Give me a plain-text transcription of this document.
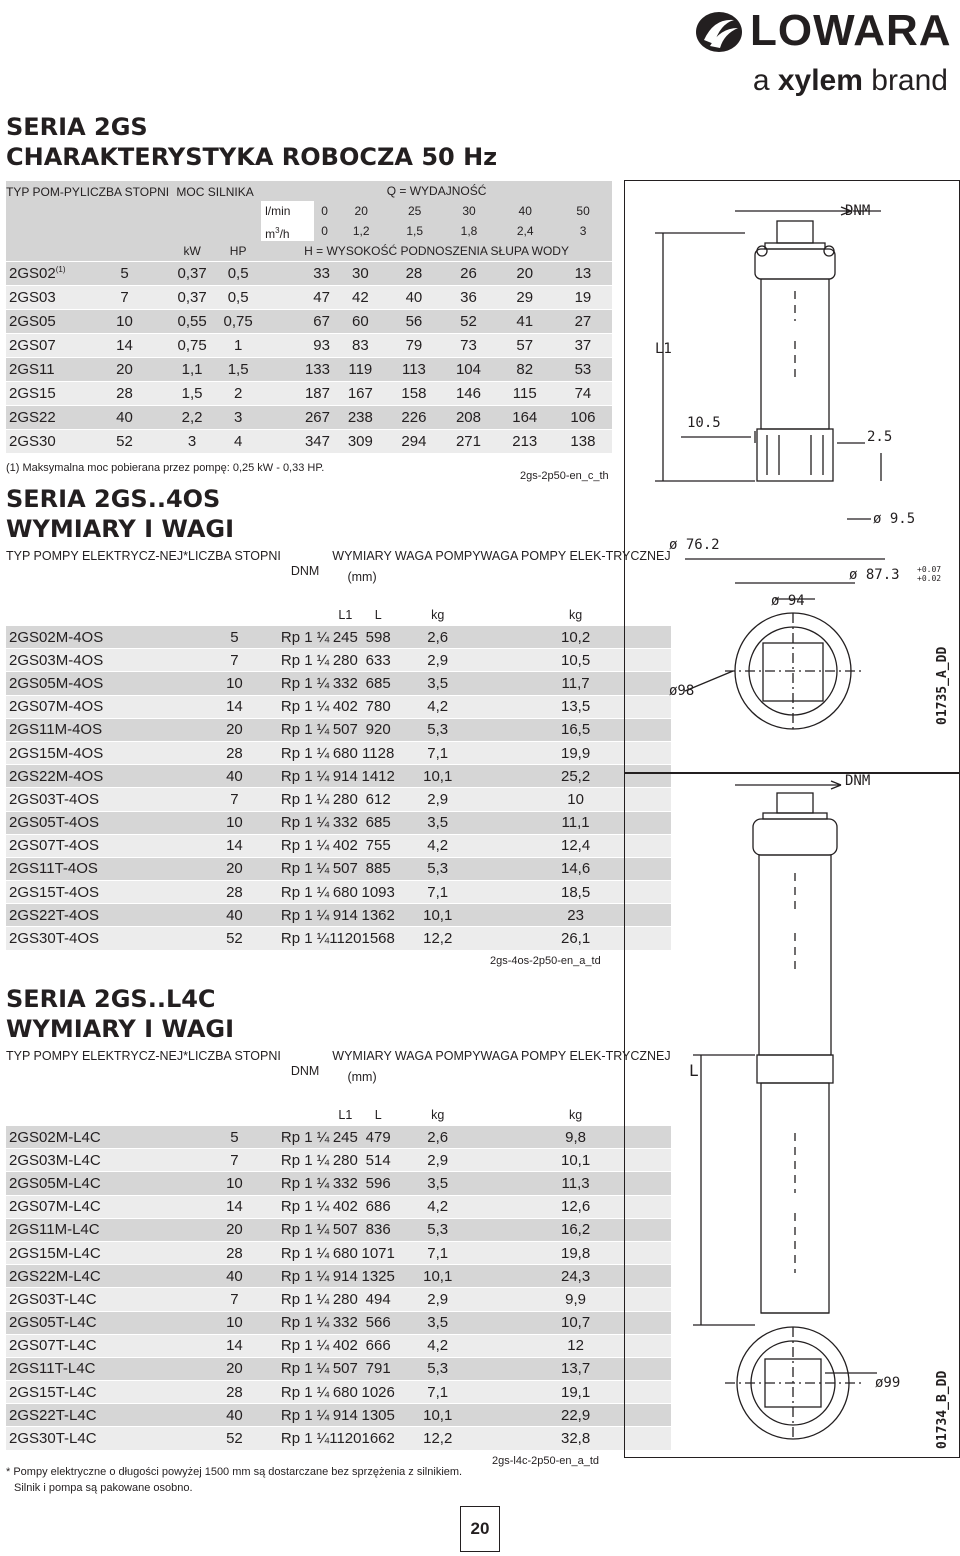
LOWARA
a xylem brand
SERIA 2GS
CHARAKTERYSTYKA ROBOCZA 50 Hz
TYP POM-PY	LICZBA STOPNI	MOC SILNIKA	Q = WYDAJNOŚĆ

l/min
$m^3/h$

0	20	25	30	40	50
0	1,2	1,5	1,8	2,4	3

kW	HP	H = WYSOKOŚĆ PODNOSZENIA SŁUPA WODY
2GS02$^{(1)}$	5	0,37	0,5	33	30	28	26	20	13
2GS03	7	0,37	0,5	47	42	40	36	29	19
2GS05	10	0,55	0,75	67	60	56	52	41	27
2GS07	14	0,75	1	93	83	79	73	57	37
2GS11	20	1,1	1,5	133	119	113	104	82	53
2GS15	28	1,5	2	187	167	158	146	115	74
2GS22	40	2,2	3	267	238	226	208	164	106
2GS30	52	3	4	347	309	294	271	213	138
(1) Maksymalna moc pobierana przez pompę: 0,25 kW - 0,33 HP.
2gs-2p50-en_c_th
SERIA 2GS..4OS
WYMIARY I WAGI
TYP POMPY ELEKTRYCZ-NEJ*	LICZBA STOPNI	DNM	WYMIARY
(mm)		WAGA POMPY	WAGA POMPY ELEK-TRYCZNEJ
			L1	L	kg	kg
2GS02M-4OS	5	Rp 1 ¼	245	598	2,6	10,2
2GS03M-4OS	7	Rp 1 ¼	280	633	2,9	10,5
2GS05M-4OS	10	Rp 1 ¼	332	685	3,5	11,7
2GS07M-4OS	14	Rp 1 ¼	402	780	4,2	13,5
2GS11M-4OS	20	Rp 1 ¼	507	920	5,3	16,5
2GS15M-4OS	28	Rp 1 ¼	680	1128	7,1	19,9
2GS22M-4OS	40	Rp 1 ¼	914	1412	10,1	25,2
2GS03T-4OS	7	Rp 1 ¼	280	612	2,9	10
2GS05T-4OS	10	Rp 1 ¼	332	685	3,5	11,1
2GS07T-4OS	14	Rp 1 ¼	402	755	4,2	12,4
2GS11T-4OS	20	Rp 1 ¼	507	885	5,3	14,6
2GS15T-4OS	28	Rp 1 ¼	680	1093	7,1	18,5
2GS22T-4OS	40	Rp 1 ¼	914	1362	10,1	23
2GS30T-4OS	52	Rp 1 ¼	1120	1568	12,2	26,1
2gs-4os-2p50-en_a_td
SERIA 2GS..L4C
WYMIARY I WAGI
TYP POMPY ELEKTRYCZ-NEJ*	LICZBA STOPNI	DNM	WYMIARY
(mm)		WAGA POMPY	WAGA POMPY ELEK-TRYCZNEJ
			L1	L	kg	kg
2GS02M-L4C	5	Rp 1 ¼	245	479	2,6	9,8
2GS03M-L4C	7	Rp 1 ¼	280	514	2,9	10,1
2GS05M-L4C	10	Rp 1 ¼	332	596	3,5	11,3
2GS07M-L4C	14	Rp 1 ¼	402	686	4,2	12,6
2GS11M-L4C	20	Rp 1 ¼	507	836	5,3	16,2
2GS15M-L4C	28	Rp 1 ¼	680	1071	7,1	19,8
2GS22M-L4C	40	Rp 1 ¼	914	1325	10,1	24,3
2GS03T-L4C	7	Rp 1 ¼	280	494	2,9	9,9
2GS05T-L4C	10	Rp 1 ¼	332	566	3,5	10,7
2GS07T-L4C	14	Rp 1 ¼	402	666	4,2	12
2GS11T-L4C	20	Rp 1 ¼	507	791	5,3	13,7
2GS15T-L4C	28	Rp 1 ¼	680	1026	7,1	19,1
2GS22T-L4C	40	Rp 1 ¼	914	1305	10,1	22,9
2GS30T-L4C	52	Rp 1 ¼	1120	1662	12,2	32,8
2gs-l4c-2p50-en_a_td
* Pompy elektryczne o długości powyżej 1500 mm są dostarczane bez sprzężenia z silnikiem.
Silnik i pompa są pakowane osobno.
20
DNM
L1
10.5
2.5
ø 9.5
ø 76.2
ø 87.3 +0.07
+0.02
ø 94
ø98	01735_A_DD
DNM
L
ø99	01734_B_DD
